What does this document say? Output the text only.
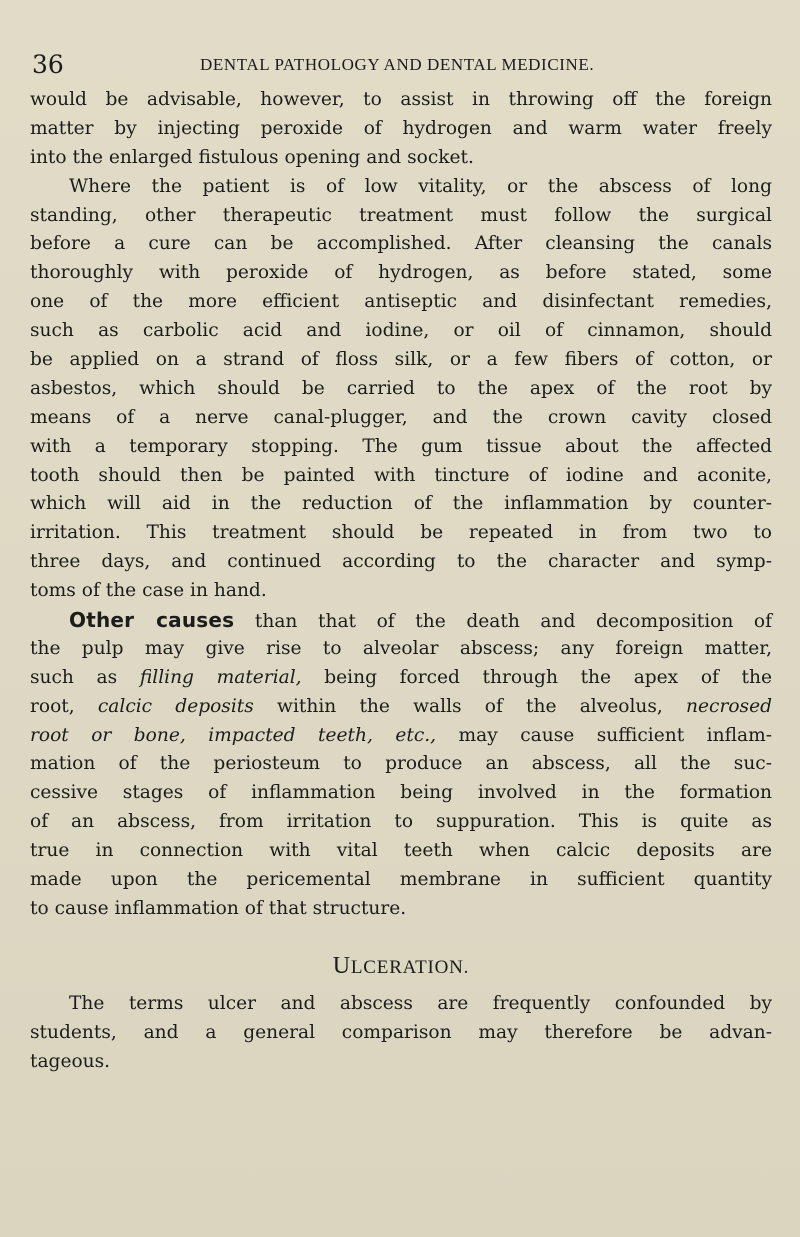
36	DENTAL PATHOLOGY AND DENTAL MEDICINE.
would be advisable, however, to assist in throwing off the foreign
matter by injecting peroxide of hydrogen and warm water freely
into the enlarged fistulous opening and socket.
Where the patient is of low vitality, or the abscess of long
standing, other therapeutic treatment must follow the surgical
before a cure can be accomplished. After cleansing the canals
thoroughly with peroxide of hydrogen, as before stated, some
one of the more efficient antiseptic and disinfectant remedies,
such as carbolic acid and iodine, or oil of cinnamon, should
be applied on a strand of floss silk, or a few fibers of cotton, or
asbestos, which should be carried to the apex of the root by
means of a nerve canal-plugger, and the crown cavity closed
with a temporary stopping. The gum tissue about the affected
tooth should then be painted with tincture of iodine and aconite,
which will aid in the reduction of the inflammation by counter-
irritation. This treatment should be repeated in from two to
three days, and continued according to the character and symp-
toms of the case in hand.
Other causes than that of the death and decomposition of
the pulp may give rise to alveolar abscess; any foreign matter,
such as filling material, being forced through the apex of the
root, calcic deposits within the walls of the alveolus, necrosed
root or bone, impacted teeth, etc., may cause sufficient inflam-
mation of the periosteum to produce an abscess, all the suc-
cessive stages of inflammation being involved in the formation
of an abscess, from irritation to suppuration. This is quite as
true in connection with vital teeth when calcic deposits are
made upon the pericemental membrane in sufficient quantity
to cause inflammation of that structure.
ULCERATION.
The terms ulcer and abscess are frequently confounded by
students, and a general comparison may therefore be advan-
tageous.
